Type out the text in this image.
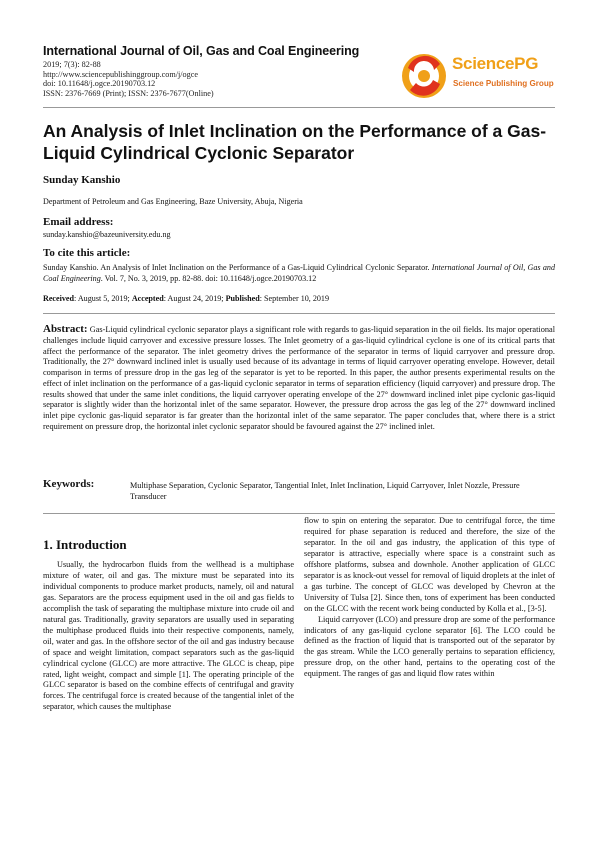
International Journal of Oil, Gas and Coal Engineering
2019; 7(3): 82-88
http://www.sciencepublishinggroup.com/j/ogce
doi: 10.11648/j.ogce.20190703.12
ISSN: 2376-7669 (Print); ISSN: 2376-7677(Online)
SciencePG
Science Publishing Group
An Analysis of Inlet Inclination on the Performance of a Gas-Liquid Cylindrical Cyclonic Separator
Sunday Kanshio
Department of Petroleum and Gas Engineering, Baze University, Abuja, Nigeria
Email address:
sunday.kanshio@bazeuniversity.edu.ng
To cite this article:
Sunday Kanshio. An Analysis of Inlet Inclination on the Performance of a Gas-Liquid Cylindrical Cyclonic Separator. International Journal of Oil, Gas and Coal Engineering. Vol. 7, No. 3, 2019, pp. 82-88. doi: 10.11648/j.ogce.20190703.12
Received: August 5, 2019; Accepted: August 24, 2019; Published: September 10, 2019
Abstract: Gas-Liquid cylindrical cyclonic separator plays a significant role with regards to gas-liquid separation in the oil fields. Its major operational challenges include liquid carryover and excessive pressure losses. The Inlet geometry of a gas-liquid cylindrical cyclone is one of its critical parts that affect the performance of the separator. The inlet geometry drives the performance of the separator in terms of liquid carryover and pressure drop. Traditionally, the 27° downward inclined inlet is usually used because of its advantage in terms of liquid carryover operating envelope. However, detail comparison in terms of pressure drop in the gas leg of the separator is yet to be reported. In this paper, the author presents experimental results on the effect of inlet inclination on the performance of a gas-liquid cyclonic separator in terms of separation efficiency (liquid carryover) and pressure drop. The results showed that under the same inlet conditions, the liquid carryover operating envelope of the 27° downward inclined inlet pipe cyclonic gas-liquid separator is slightly wider than the horizontal inlet of the same separator. However, the pressure drop across the gas leg of the 27° downward inclined inlet pipe cyclonic gas-liquid separator is far greater than the horizontal inlet of the same separator. The paper concludes that, where there is a strict requirement on pressure drop, the horizontal inlet cyclonic separator should be favoured against the 27° inclined inlet.
Keywords:	Multiphase Separation, Cyclonic Separator, Tangential Inlet, Inlet Inclination, Liquid Carryover, Inlet Nozzle, Pressure Transducer
1. Introduction

Usually, the hydrocarbon fluids from the wellhead is a multiphase mixture of water, oil and gas. The mixture must be separated into its individual components to produce market products, namely, oil and natural gas. Separators are the process equipment used in the oil and gas fields to accomplish the task of separating the multiphase mixture into crude oil and natural gas. Traditionally, gravity separators are usually used in separating the multiphase produced fluids into their respective components, namely, oil, water and gas. In the offshore sector of the oil and gas industry because of space and weight limitation, compact separators such as the gas-liquid cylindrical cyclone (GLCC) are more attractive. The GLCC is cheap, pipe rated, light weight, compact and simple [1]. The operating principle of the GLCC separator is based on the combine effects of centrifugal and gravity forces. The centrifugal force is created because of the tangential inlet of the separator, which causes the multiphase

flow to spin on entering the separator. Due to centrifugal force, the time required for phase separation is reduced and therefore, the size of the separator. In the oil and gas industry, the application of this type of separator is attractive, especially where space is a constraint such as offshore platforms, subsea and downhole. Another application of GLCC separator is as knock-out vessel for removal of liquid droplets at the inlet of a gas turbine. The concept of GLCC was developed by Chevron at the University of Tulsa [2]. Since then, tons of experiment has been conducted on the GLCC with the recent work being conducted by Kolla et al., [3-5].

Liquid carryover (LCO) and pressure drop are some of the performance indicators of any gas-liquid cyclone separator [6]. The LCO could be defined as the fraction of liquid that is transported out of the separator by the gas stream. While the LCO generally pertains to separation efficiency, pressure drop, on the other hand, pertains to the operating cost of the equipment. The ranges of gas and liquid flow rates within
